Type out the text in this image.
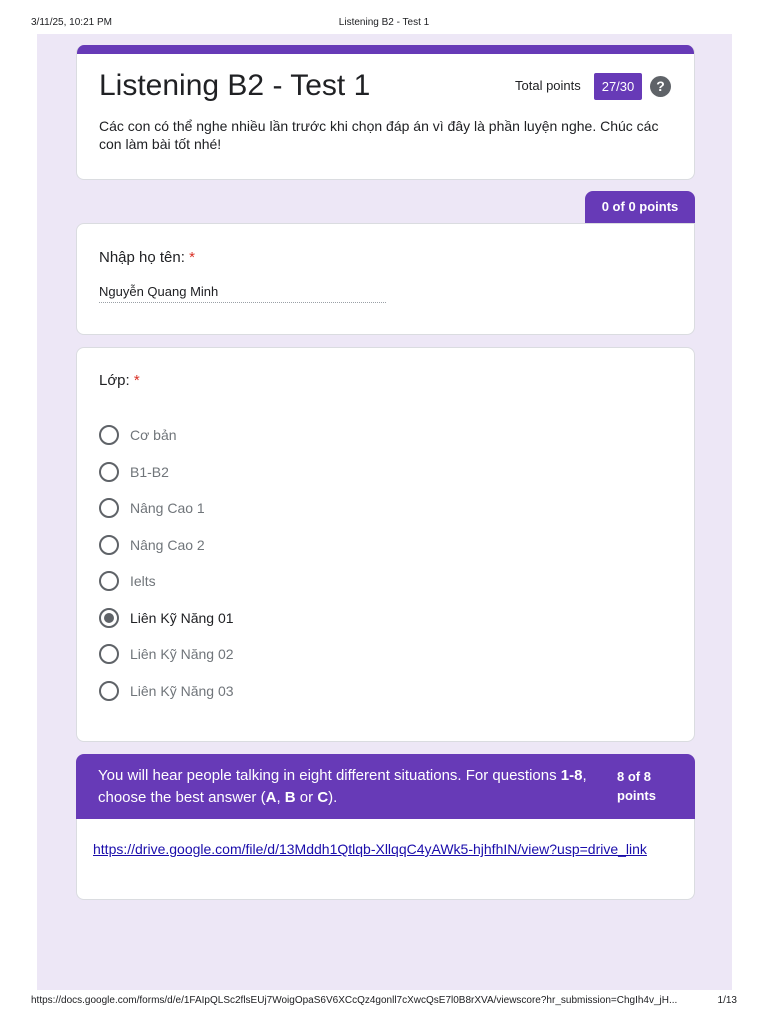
3/11/25, 10:21 PM	Listening B2 - Test 1
Listening B2 - Test 1	Total points	27/30	?

Các con có thể nghe nhiều lần trước khi chọn đáp án vì đây là phần luyện nghe. Chúc các con làm bài tốt nhé!

0 of 0 points
Nhập họ tên: *
Nguyễn Quang Minh
Lớp: *
Cơ bản
B1-B2
Nâng Cao 1
Nâng Cao 2
Ielts
Liên Kỹ Năng 01
Liên Kỹ Năng 02
Liên Kỹ Năng 03
You will hear people talking in eight different situations. For questions 1-8, choose the best answer (A, B or C).
8 of 8 points
https://drive.google.com/file/d/13Mddh1Qtlqb-XllqqC4yAWk5-hjhfhIN/view?usp=drive_link
https://docs.google.com/forms/d/e/1FAIpQLSc2flsEUj7WoigOpaS6V6XCcQz4gonll7cXwcQsE7l0B8rXVA/viewscore?hr_submission=ChgIh4v_jH...	1/13
